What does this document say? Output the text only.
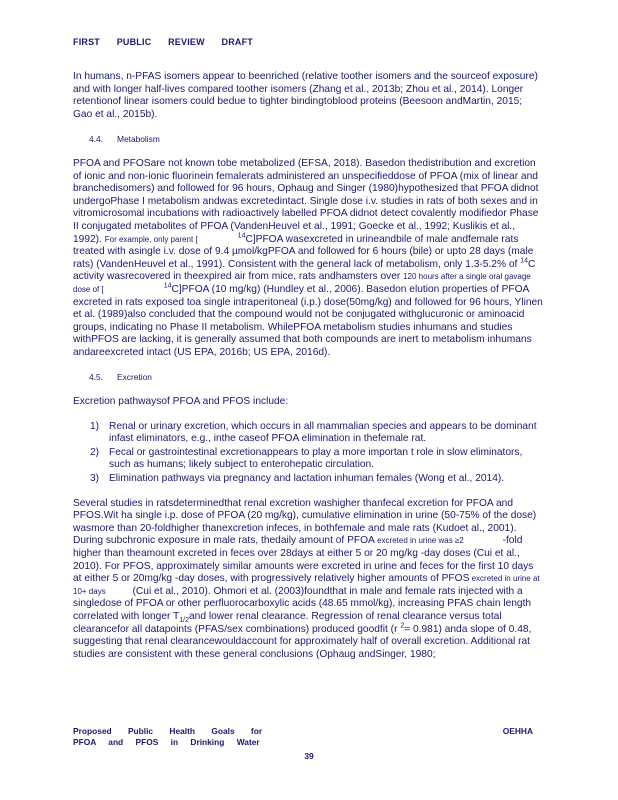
FIRST PUBLIC REVIEW DRAFT

In humans, n-PFAS isomers appear to beenriched (relative toother isomers and the sourceof exposure) and with longer half-lives compared toother isomers (Zhang et al., 2013b; Zhou et al., 2014). Longer retentionof linear isomers could bedue to tighter bindingtoblood proteins (Beesoon andMartin, 2015; Gao et al., 2015b).

4.4. Metabolism

PFOA and PFOSare not known tobe metabolized (EFSA, 2018). Basedon thedistribution and excretion of ionic and non-ionic fluorinein femalerats administered an unspecifieddose of PFOA (mix of linear and branchedisomers) and followed for 96 hours, Ophaug and Singer (1980)hypothesized that PFOA didnot undergoPhase I metabolism andwas excretedintact. Single dose i.v. studies in rats of both sexes and in vitromicrosomal incubations with radioactively labelled PFOA didnot detect covalently modifiedor Phase II conjugated metabolites of PFOA (VandenHeuvel et al., 1991; Goecke et al., 1992; Kuslikis et al., 1992). For example, only parent [	$^{14}$C]PFOA wasexcreted in urineandbile of male andfemale rats treated with asingle i.v. dose of 9.4 µmol/kgPFOA and followed for 6 hours (bile) or upto 28 days (male rats) (VandenHeuvel et al., 1991). Consistent with the general lack of metabolism, only 1.3-5.2% of $^{14}$C activity wasrecovered in theexpired air from mice, rats andhamsters over 120 hours after a single oral gavage dose of [	$^{14}$C]PFOA (10 mg/kg) (Hundley et al., 2006). Basedon elution properties of PFOA excreted in rats exposed toa single intraperitoneal (i.p.) dose(50mg/kg) and followed for 96 hours, Ylinen et al. (1989)also concluded that the compound would not be conjugated withglucuronic or aminoacid groups, indicating no Phase II metabolism. WhilePFOA metabolism studies inhumans and studies withPFOS are lacking, it is generally assumed that both compounds are inert to metabolism inhumans andareexcreted intact (US EPA, 2016b; US EPA, 2016d).

4.5. Excretion

Excretion pathwaysof PFOA and PFOS include:

1) Renal or urinary excretion, which occurs in all mammalian species and appears to be dominant infast eliminators, e.g., inthe caseof PFOA elimination in thefemale rat.
2) Fecal or gastrointestinal excretionappears to play a more importan t role in slow eliminators, such as humans; likely subject to enterohepatic circulation.
3) Elimination pathways via pregnancy and lactation inhuman females (Wong et al., 2014).

Several studies in ratsdeterminedthat renal excretion washigher thanfecal excretion for PFOA and PFOS.Wit ha single i.p. dose of PFOA (20 mg/kg), cumulative elimination in urine (50-75% of the dose) wasmore than 20-foldhigher thanexcretion infeces, in bothfemale and male rats (Kudoet al., 2001). During subchronic exposure in male rats, thedaily amount of PFOA excreted in urine was ≥2	-fold higher than theamount excreted in feces over 28days at either 5 or 20 mg/kg -day doses (Cui et al., 2010). For PFOS, approximately similar amounts were excreted in urine and feces for the first 10 days at either 5 or 20mg/kg -day doses, with progressively relatively higher amounts of PFOS excreted in urine at 10+ days (Cui et al., 2010). Ohmori et al. (2003)foundthat in male and female rats injected with a singledose of PFOA or other perfluorocarboxylic acids (48.65 mmol/kg), increasing PFAS chain length correlated with longer $T_{1/2}and$ lower renal clearance. Regression of renal clearance versus total clearancefor all datapoints (PFAS/sex combinations) produced goodfit (r $^2$= 0.981) anda slope of 0.48, suggesting that renal clearancewouldaccount for approximately half of overall excretion. Additional rat studies are consistent with these general conclusions (Ophaug andSinger, 1980;

Proposed Public Health Goals for
PFOA and PFOS in Drinking Water
OEHHA
39
